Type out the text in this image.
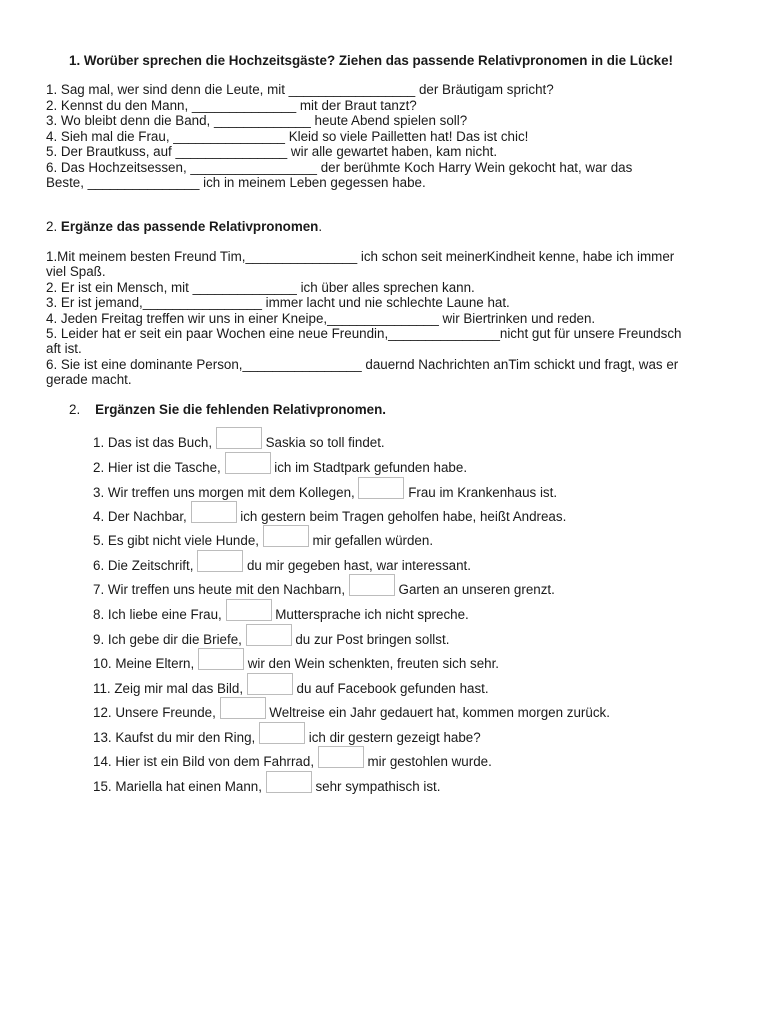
1. Worüber sprechen die Hochzeitsgäste? Ziehen das passende Relativpronomen in die Lücke!
1. Sag mal, wer sind denn die Leute, mit _________________ der Bräutigam spricht?
2. Kennst du den Mann, ______________ mit der Braut tanzt?
3. Wo bleibt denn die Band, _____________ heute Abend spielen soll?
4. Sieh mal die Frau, _______________ Kleid so viele Pailletten hat! Das ist chic!
5. Der Brautkuss, auf _______________ wir alle gewartet haben, kam nicht.
6. Das Hochzeitsessen, _________________ der berühmte Koch Harry Wein gekocht hat, war das
Beste, _______________ ich in meinem Leben gegessen habe.
2. Ergänze das passende Relativpronomen.
1.Mit meinem besten Freund Tim,_______________ ich schon seit meinerKindheit kenne, habe ich immer
viel Spaß.
2. Er ist ein Mensch, mit ______________ ich über alles sprechen kann.
3. Er ist jemand,________________ immer lacht und nie schlechte Laune hat.
4. Jeden Freitag treffen wir uns in einer Kneipe,_______________ wir Biertrinken und reden.
5. Leider hat er seit ein paar Wochen eine neue Freundin,_______________nicht gut für unsere Freundsch
aft ist.
6. Sie ist eine dominante Person,________________ dauernd Nachrichten anTim schickt und fragt, was er
gerade macht.
2. Ergänzen Sie die fehlenden Relativpronomen.
1. Das ist das Buch,	Saskia so toll findet.
2. Hier ist die Tasche,	ich im Stadtpark gefunden habe.
3. Wir treffen uns morgen mit dem Kollegen,	Frau im Krankenhaus ist.
4. Der Nachbar,	ich gestern beim Tragen geholfen habe, heißt Andreas.
5. Es gibt nicht viele Hunde,	mir gefallen würden.
6. Die Zeitschrift,	du mir gegeben hast, war interessant.
7. Wir treffen uns heute mit den Nachbarn,	Garten an unseren grenzt.
8. Ich liebe eine Frau,	Muttersprache ich nicht spreche.
9. Ich gebe dir die Briefe,	du zur Post bringen sollst.
10. Meine Eltern,	wir den Wein schenkten, freuten sich sehr.
11. Zeig mir mal das Bild,	du auf Facebook gefunden hast.
12. Unsere Freunde,	Weltreise ein Jahr gedauert hat, kommen morgen zurück.
13. Kaufst du mir den Ring,	ich dir gestern gezeigt habe?
14. Hier ist ein Bild von dem Fahrrad,	mir gestohlen wurde.
15. Mariella hat einen Mann,	sehr sympathisch ist.
